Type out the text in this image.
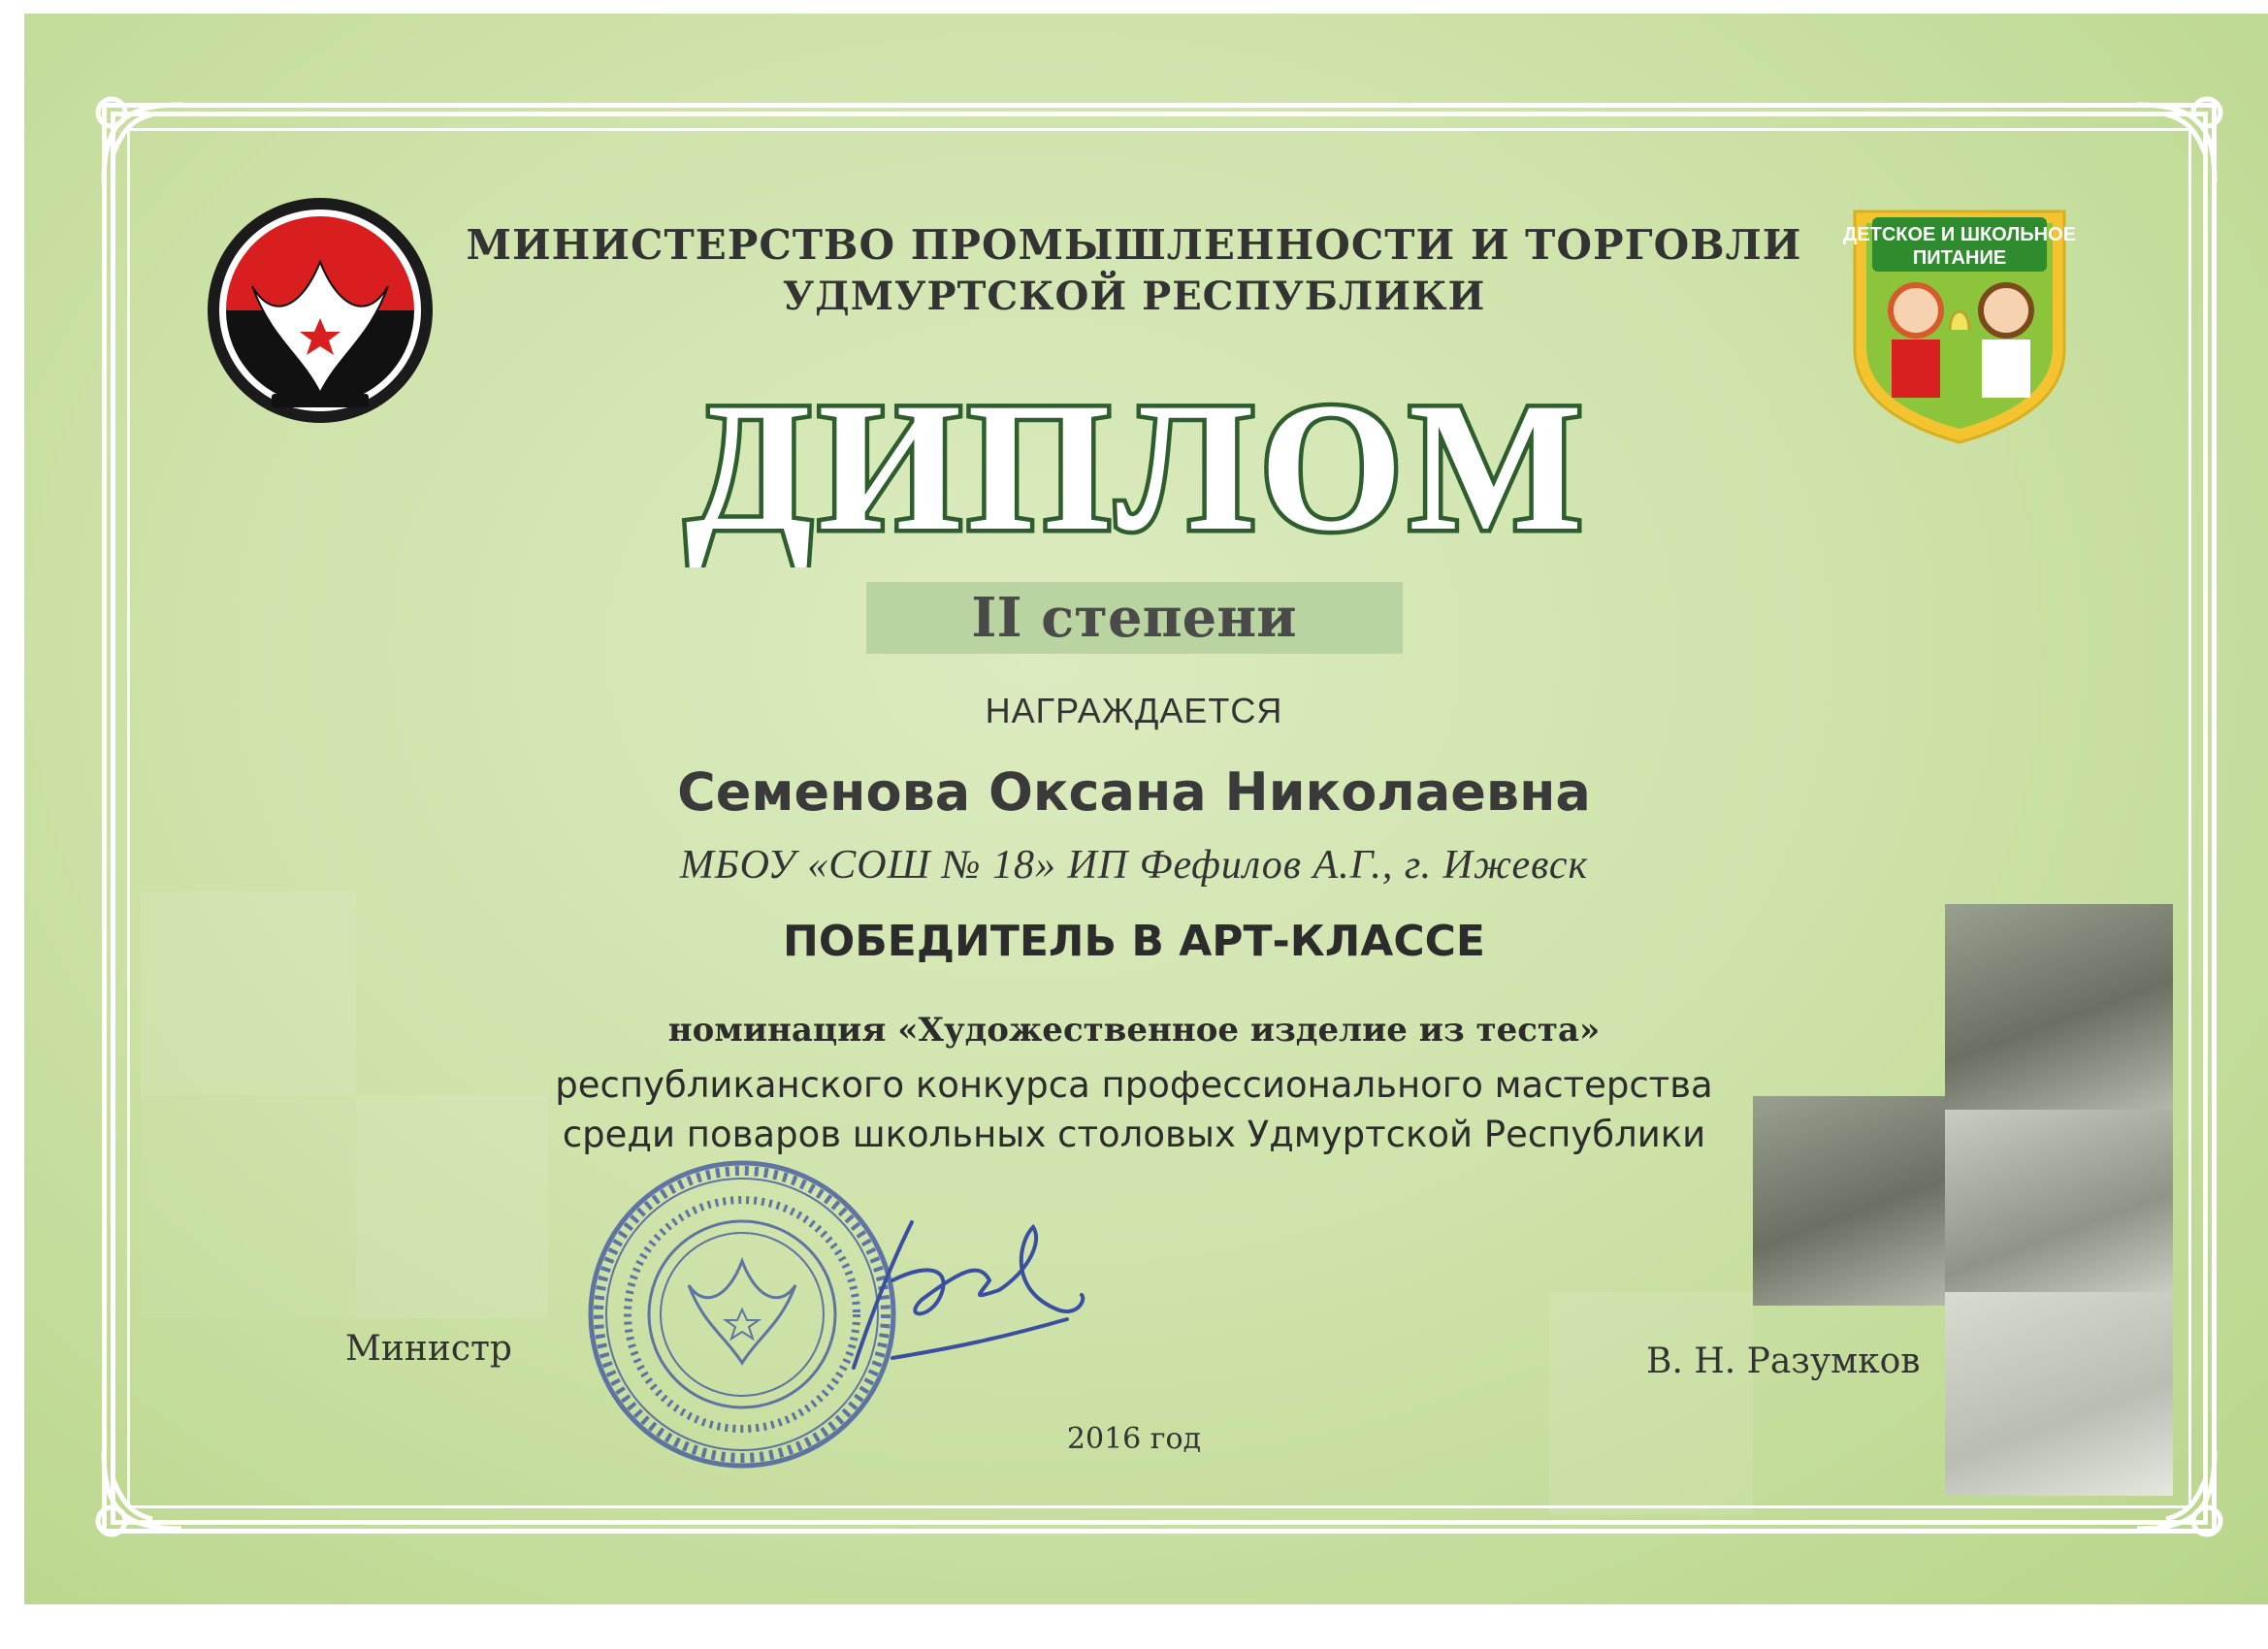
ДЕТСКОЕ И ШКОЛЬНОЕ
ПИТАНИЕ
МИНИСТЕРСТВО ПРОМЫШЛЕННОСТИ И ТОРГОВЛИ
УДМУРТСКОЙ РЕСПУБЛИКИ
ДИПЛОМ
II степени
НАГРАЖДАЕТСЯ
Семенова Оксана Николаевна
МБОУ «СОШ № 18» ИП Фефилов А.Г., г. Ижевск
ПОБЕДИТЕЛЬ В АРТ-КЛАССЕ
номинация «Художественное изделие из теста»
республиканского конкурса профессионального мастерства
среди поваров школьных столовых Удмуртской Республики
Министр	В. Н. Разумков
2016 год
